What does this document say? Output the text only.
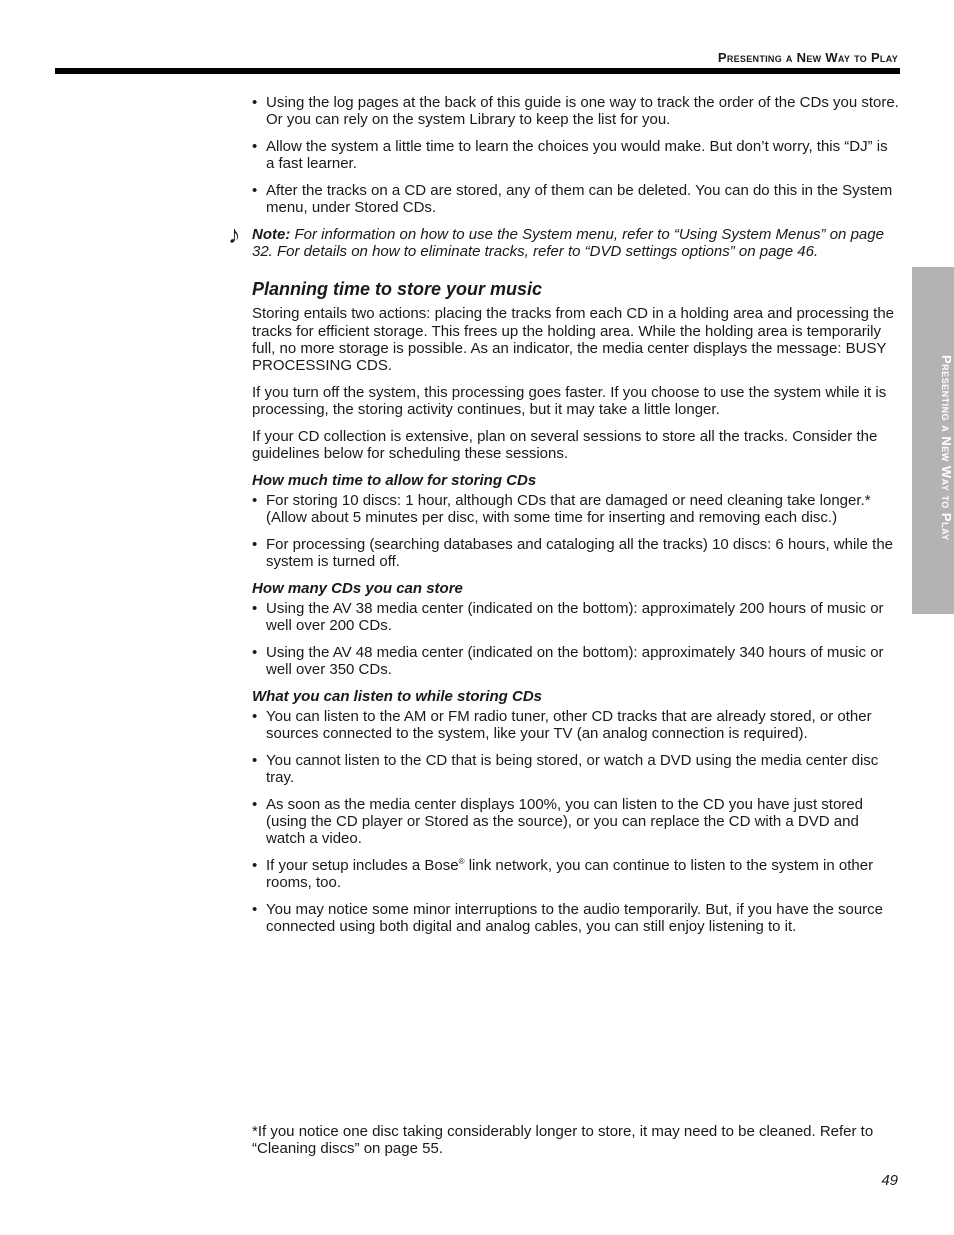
Presenting a New Way to Play
Presenting a New Way to Play
• Using the log pages at the back of this guide is one way to track the order of the CDs you store. Or you can rely on the system Library to keep the list for you.
• Allow the system a little time to learn the choices you would make. But don’t worry, this “DJ” is a fast learner.
• After the tracks on a CD are stored, any of them can be deleted. You can do this in the System menu, under Stored CDs.
♪ Note: For information on how to use the System menu, refer to “Using System Menus” on page 32. For details on how to eliminate tracks, refer to “DVD settings options” on page 46.
Planning time to store your music

Storing entails two actions: placing the tracks from each CD in a holding area and processing the tracks for efficient storage. This frees up the holding area. While the holding area is temporarily full, no more storage is possible. As an indicator, the media center displays the message: BUSY PROCESSING CDS.

If you turn off the system, this processing goes faster. If you choose to use the system while it is processing, the storing activity continues, but it may take a little longer.

If your CD collection is extensive, plan on several sessions to store all the tracks. Consider the guidelines below for scheduling these sessions.

How much time to allow for storing CDs
• For storing 10 discs: 1 hour, although CDs that are damaged or need cleaning take longer.* (Allow about 5 minutes per disc, with some time for inserting and removing each disc.)
• For processing (searching databases and cataloging all the tracks) 10 discs: 6 hours, while the system is turned off.
How many CDs you can store
• Using the AV 38 media center (indicated on the bottom): approximately 200 hours of music or well over 200 CDs.
• Using the AV 48 media center (indicated on the bottom): approximately 340 hours of music or well over 350 CDs.
What you can listen to while storing CDs
• You can listen to the AM or FM radio tuner, other CD tracks that are already stored, or other sources connected to the system, like your TV (an analog connection is required).
• You cannot listen to the CD that is being stored, or watch a DVD using the media center disc tray.
• As soon as the media center displays 100%, you can listen to the CD you have just stored (using the CD player or Stored as the source), or you can replace the CD with a DVD and watch a video.
• If your setup includes a Bose® link network, you can continue to listen to the system in other rooms, too.
• You may notice some minor interruptions to the audio temporarily. But, if you have the source connected using both digital and analog cables, you can still enjoy listening to it.
*If you notice one disc taking considerably longer to store, it may need to be cleaned. Refer to “Cleaning discs” on page 55.
49
